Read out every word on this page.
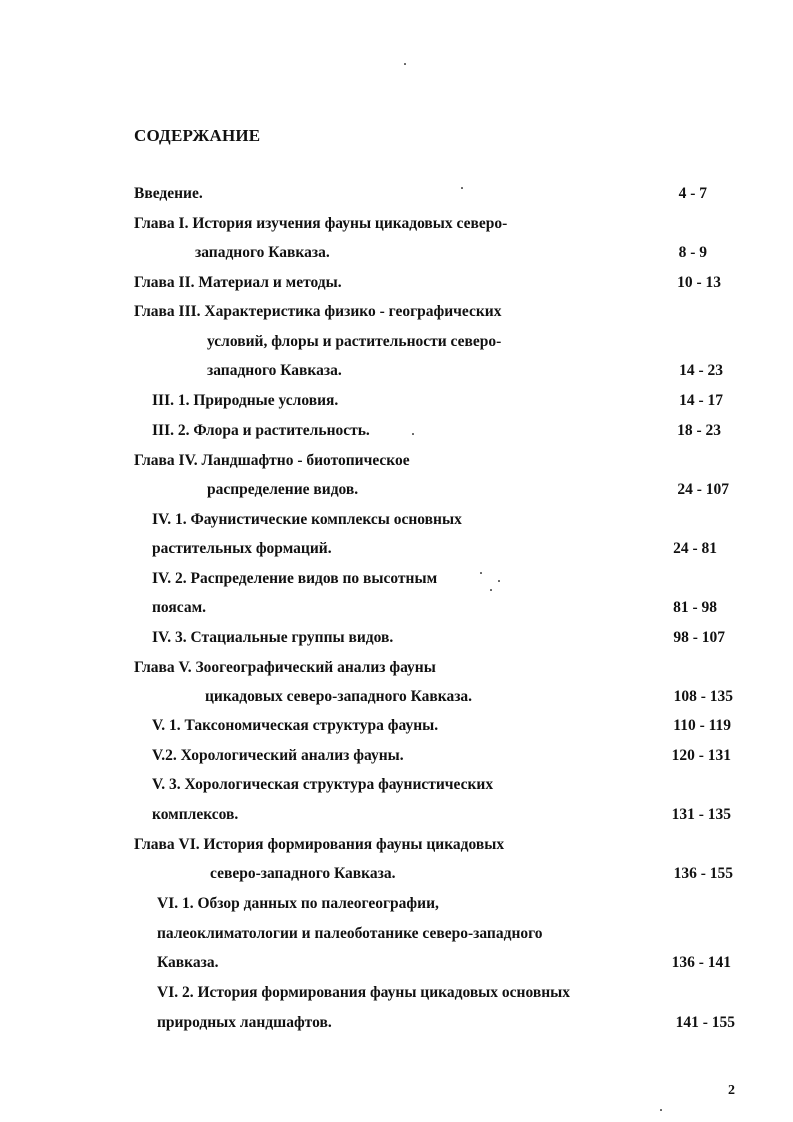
СОДЕРЖАНИЕ
Введение.	4 - 7
Глава I. История изучения фауны цикадовых северо-
западного Кавказа.	8 - 9
Глава II. Материал и методы.	10 - 13
Глава III. Характеристика физико - географических
условий, флоры и растительности северо-
западного Кавказа.	14 - 23
III. 1. Природные условия.	14 - 17
III. 2. Флора и растительность.	18 - 23
Глава IV. Ландшафтно - биотопическое
распределение видов.	24 - 107
IV. 1. Фаунистические комплексы основных
растительных формаций.	24 - 81
IV. 2. Распределение видов по высотным
поясам.	81 - 98
IV. 3. Стациальные группы видов.	98 - 107
Глава V. Зоогеографический анализ фауны
цикадовых северо-западного Кавказа.	108 - 135
V. 1. Таксономическая структура фауны.	110 - 119
V.2. Хорологический анализ фауны.	120 - 131
V. 3. Хорологическая структура фаунистических
комплексов.	131 - 135
Глава VI. История формирования фауны цикадовых
северо-западного Кавказа.	136 - 155
VI. 1. Обзор данных по палеогеографии,
палеоклиматологии и палеоботанике северо-западного
Кавказа.	136 - 141
VI. 2. История формирования фауны цикадовых основных
природных ландшафтов.	141 - 155
2
